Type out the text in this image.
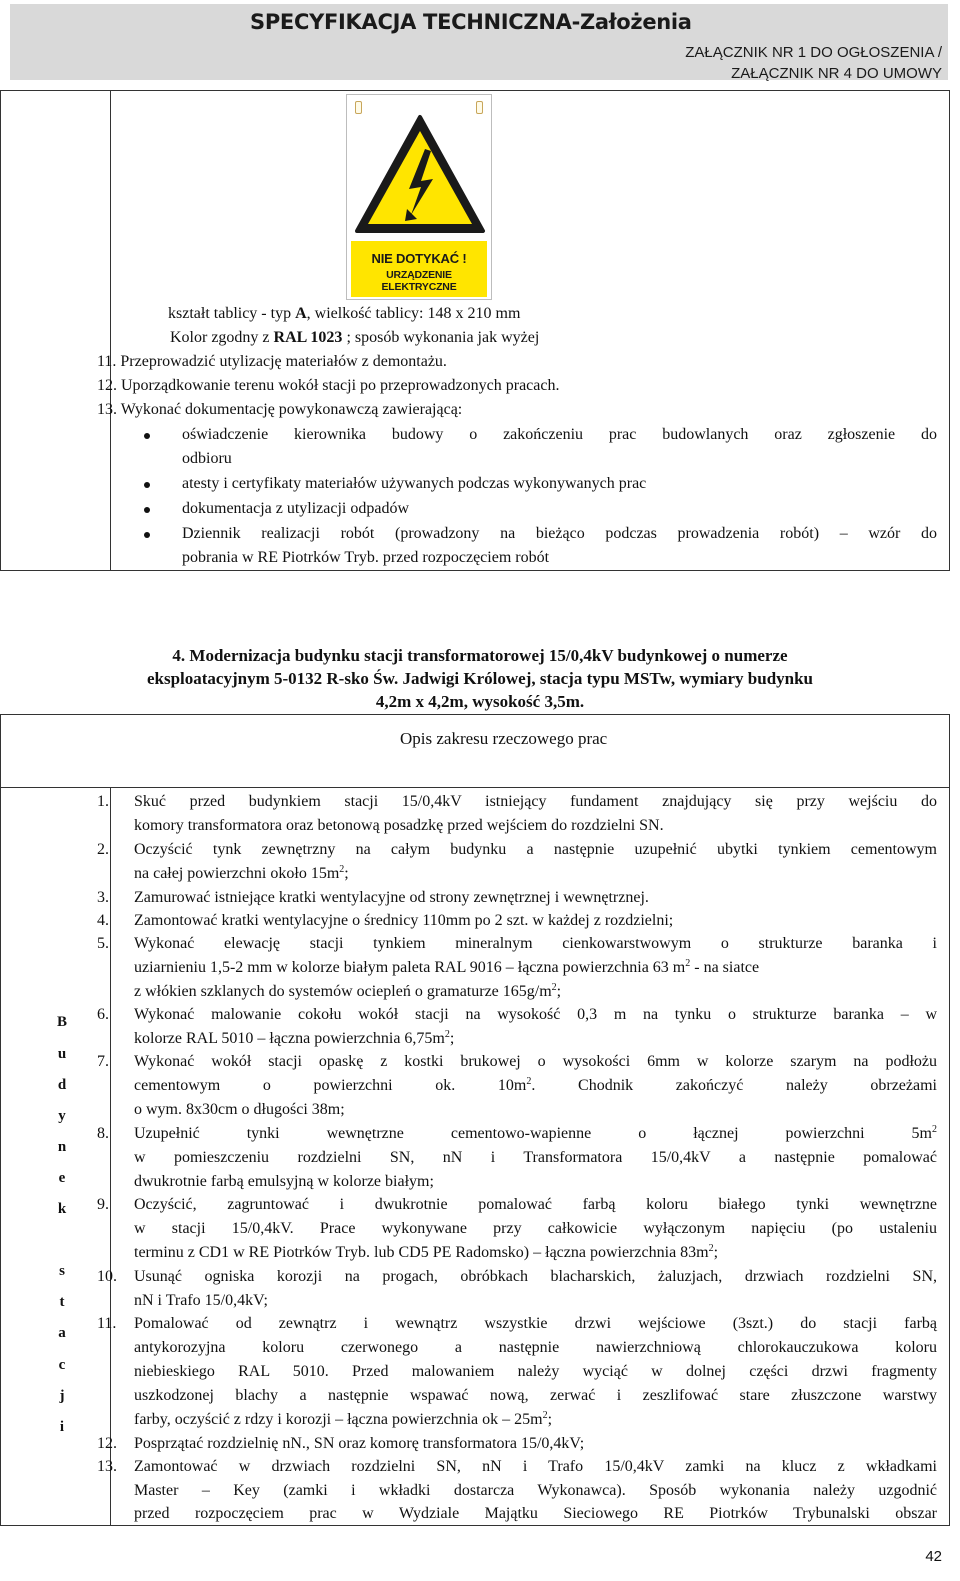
SPECYFIKACJA TECHNICZNA-Założenia
ZAŁĄCZNIK NR 1 DO OGŁOSZENIA /
ZAŁĄCZNIK NR 4 DO UMOWY
NIE DOTYKAĆ !
URZĄDZENIE ELEKTRYCZNE
kształt tablicy - typ A, wielkość tablicy: 148 x 210 mm
Kolor zgodny z RAL 1023 ; sposób wykonania jak wyżej
11. Przeprowadzić utylizację materiałów z demontażu.
12. Uporządkowanie terenu wokół stacji po przeprowadzonych pracach.
13. Wykonać dokumentację powykonawczą zawierającą:
oświadczenie kierownika budowy o zakończeniu prac budowlanych oraz zgłoszenie do
odbioru
atesty i certyfikaty materiałów używanych podczas wykonywanych prac
dokumentacja z utylizacji odpadów
Dziennik realizacji robót (prowadzony na bieżąco podczas prowadzenia robót) – wzór do
pobrania w RE Piotrków Tryb. przed rozpoczęciem robót
4. Modernizacja budynku stacji transformatorowej 15/0,4kV budynkowej o numerze
eksploatacyjnym 5-0132 R-sko Św. Jadwigi Królowej, stacja typu MSTw, wymiary budynku
4,2m x 4,2m, wysokość 3,5m.
Opis zakresu rzeczowego prac
B
u
d
y
n
e
k
s
t
a
c
j
i
1. Skuć przed budynkiem stacji 15/0,4kV istniejący fundament znajdujący się przy wejściu do
komory transformatora oraz betonową posadzkę przed wejściem do rozdzielni SN.
2. Oczyścić tynk zewnętrzny na całym budynku a następnie uzupełnić ubytki tynkiem cementowym
na całej powierzchni około $15m^2$;
3. Zamurować istniejące kratki wentylacyjne od strony zewnętrznej i wewnętrznej.
4. Zamontować kratki wentylacyjne o średnicy 110mm po 2 szt. w każdej z rozdzielni;
5. Wykonać elewację stacji tynkiem mineralnym cienkowarstwowym o strukturze baranka i
uziarnieniu 1,5-2 mm w kolorze białym paleta RAL 9016 – łączna powierzchnia 63 $m^2$ - na siatce
z włókien szklanych do systemów ociepleń o gramaturze $165g/m^2$;
6. Wykonać malowanie cokołu wokół stacji na wysokość 0,3 m na tynku o strukturze baranka – w
kolorze RAL 5010 – łączna powierzchnia $6,75m^2$;
7. Wykonać wokół stacji opaskę z kostki brukowej o wysokości 6mm w kolorze szarym na podłożu
cementowym o powierzchni ok. $10m^2$. Chodnik zakończyć należy obrzeżami
o wym. 8x30cm o długości 38m;
8. Uzupełnić tynki wewnętrzne cementowo-wapienne o łącznej powierzchni $5m^2$
w pomieszczeniu rozdzielni SN, nN i Transformatora 15/0,4kV a następnie pomalować
dwukrotnie farbą emulsyjną w kolorze białym;
9. Oczyścić, zagruntować i dwukrotnie pomalować farbą koloru białego tynki wewnętrzne
w stacji 15/0,4kV. Prace wykonywane przy całkowicie wyłączonym napięciu (po ustaleniu
terminu z CD1 w RE Piotrków Tryb. lub CD5 PE Radomsko) – łączna powierzchnia $83m^2$;
10. Usunąć ogniska korozji na progach, obróbkach blacharskich, żaluzjach, drzwiach rozdzielni SN,
nN i Trafo 15/0,4kV;
11. Pomalować od zewnątrz i wewnątrz wszystkie drzwi wejściowe (3szt.) do stacji farbą
antykorozyjna koloru czerwonego a następnie nawierzchniową chlorokauczukowa koloru
niebieskiego RAL 5010. Przed malowaniem należy wyciąć w dolnej części drzwi fragmenty
uszkodzonej blachy a następnie wspawać nową, zerwać i zeszlifować stare złuszczone warstwy
farby, oczyścić z rdzy i korozji – łączna powierzchnia ok – $25m^2$;
12. Posprzątać rozdzielnię nN., SN oraz komorę transformatora 15/0,4kV;
13. Zamontować w drzwiach rozdzielni SN, nN i Trafo 15/0,4kV zamki na klucz z wkładkami
Master – Key (zamki i wkładki dostarcza Wykonawca). Sposób wykonania należy uzgodnić
przed rozpoczęciem prac w Wydziale Majątku Sieciowego RE Piotrków Trybunalski obszar
42
